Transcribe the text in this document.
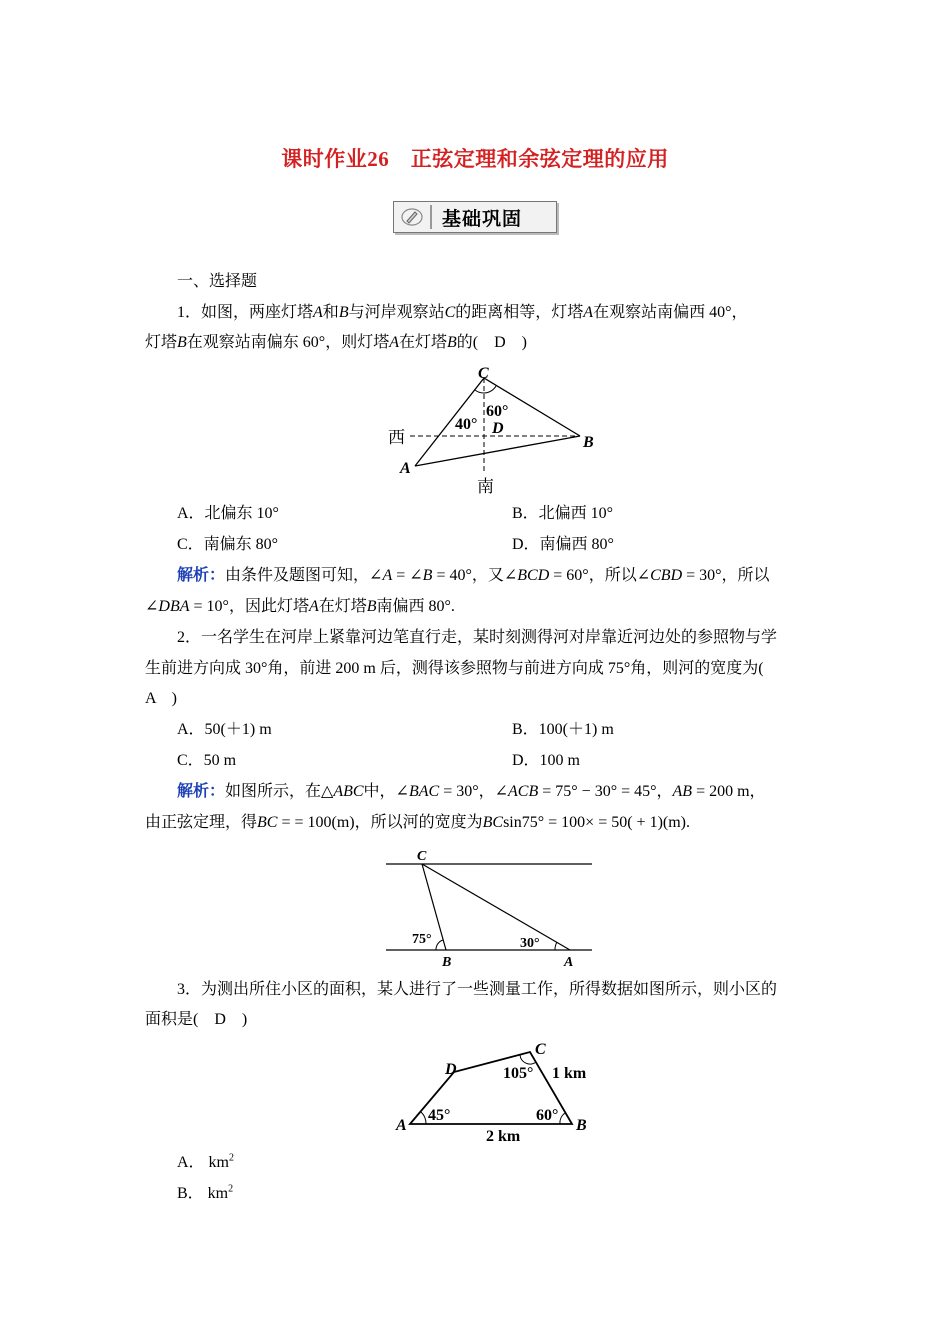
课时作业26　正弦定理和余弦定理的应用
基础巩固
一、选择题
1．如图，两座灯塔A和B与河岸观察站C的距离相等，灯塔A在观察站南偏西 40°，
灯塔B在观察站南偏东 60°，则灯塔A在灯塔B的(　D　)
C
60°
40° D
西	B
A
南
A．北偏东 10°	B．北偏西 10°
C．南偏东 80°	D．南偏西 80°
解析：由条件及题图可知，∠A = ∠B = 40°，又∠BCD = 60°，所以∠CBD = 30°，所以
∠DBA = 10°，因此灯塔A在灯塔B南偏西 80°.
2．一名学生在河岸上紧靠河边笔直行走，某时刻测得河对岸靠近河边处的参照物与学
生前进方向成 30°角，前进 200 m 后，测得该参照物与前进方向成 75°角，则河的宽度为(
A　)
A．50(＋1) m	B．100(＋1) m
C．50 m	D．100 m
解析：如图所示，在△ABC中，∠BAC = 30°，∠ACB = 75° − 30° = 45°，AB = 200 m，
由正弦定理，得BC = = 100(m)，所以河的宽度为BCsin75° = 100× = 50( + 1)(m).
C
75°	30°
B	A
3．为测出所住小区的面积，某人进行了一些测量工作，所得数据如图所示，则小区的
面积是(　D　)
D
C
105° 1 km
45°	60°
A	B
2 km
A． $km^2$
B． $km^2$
